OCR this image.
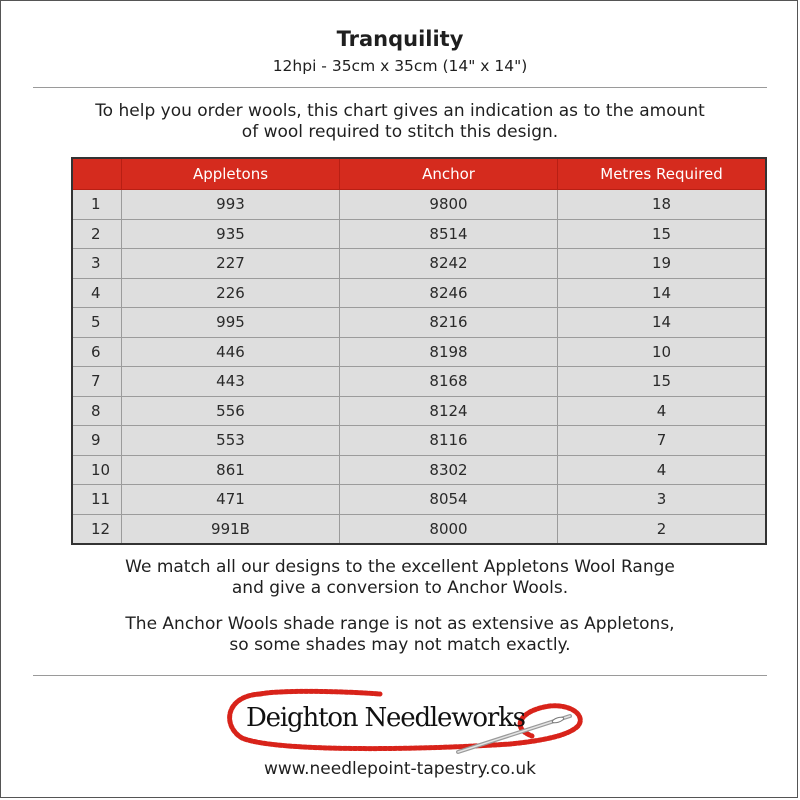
Tranquility
12hpi - 35cm x 35cm (14" x 14")
To help you order wools, this chart gives an indication as to the amount
of wool required to stitch this design.
	Appletons	Anchor	Metres Required
1	993	9800	18
2	935	8514	15
3	227	8242	19
4	226	8246	14
5	995	8216	14
6	446	8198	10
7	443	8168	15
8	556	8124	4
9	553	8116	7
10	861	8302	4
11	471	8054	3
12	991B	8000	2
We match all our designs to the excellent Appletons Wool Range
and give a conversion to Anchor Wools.
The Anchor Wools shade range is not as extensive as Appletons,
so some shades may not match exactly.
Deighton Needleworks
www.needlepoint-tapestry.co.uk
